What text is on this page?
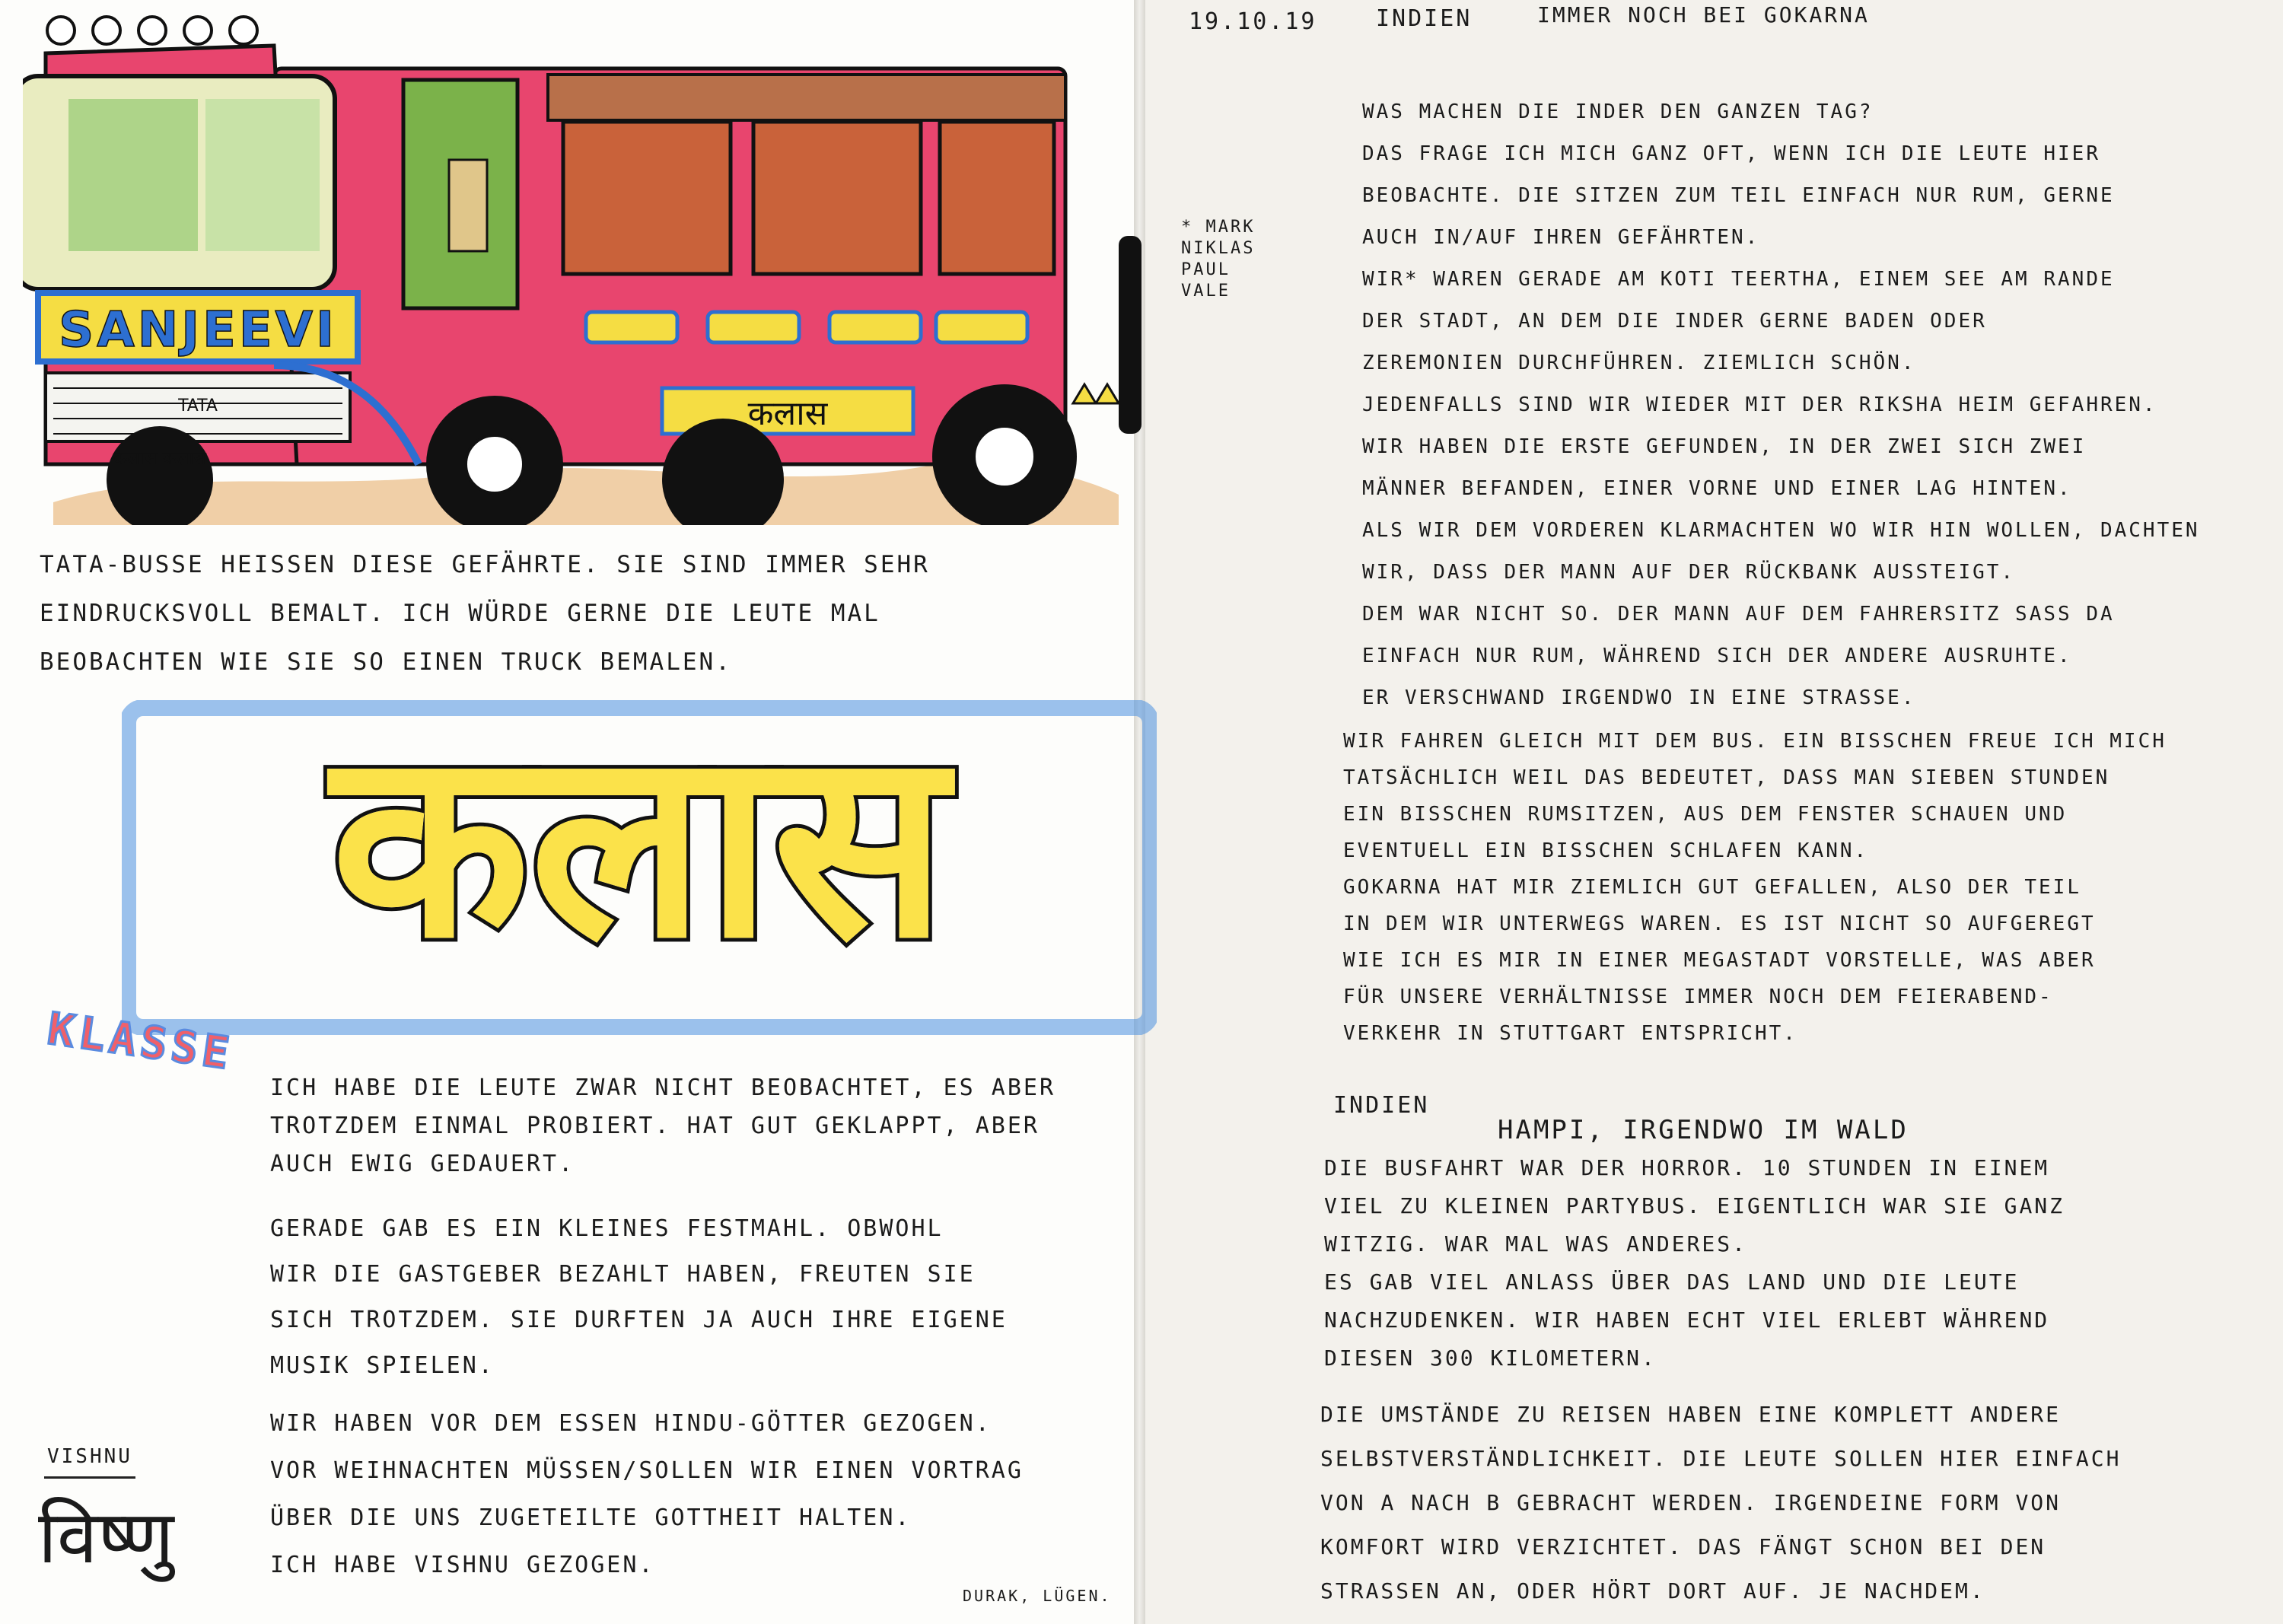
SANJEEVI
TATA	कलास
कलास कलास
TATA-BUSSE HEISSEN DIESE GEFÄHRTE. SIE SIND IMMER SEHR
EINDRUCKSVOLL BEMALT. ICH WÜRDE GERNE DIE LEUTE MAL
BEOBACHTEN WIE SIE SO EINEN TRUCK BEMALEN.
कलास
KLASSE
ICH HABE DIE LEUTE ZWAR NICHT BEOBACHTET, ES ABER
TROTZDEM EINMAL PROBIERT. HAT GUT GEKLAPPT, ABER
AUCH EWIG GEDAUERT.
GERADE GAB ES EIN KLEINES FESTMAHL. OBWOHL
WIR DIE GASTGEBER BEZAHLT HABEN, FREUTEN SIE
SICH TROTZDEM. SIE DURFTEN JA AUCH IHRE EIGENE
MUSIK SPIELEN.
WIR HABEN VOR DEM ESSEN HINDU-GÖTTER GEZOGEN.
VOR WEIHNACHTEN MÜSSEN/SOLLEN WIR EINEN VORTRAG
ÜBER DIE UNS ZUGETEILTE GOTTHEIT HALTEN.
ICH HABE VISHNU GEZOGEN.
VISHNU
विष्णु
DURAK, LÜGEN.
19.10.19	INDIEN	IMMER NOCH BEI GOKARNA
* MARK
NIKLAS
PAUL
VALE
WAS MACHEN DIE INDER DEN GANZEN TAG?
DAS FRAGE ICH MICH GANZ OFT, WENN ICH DIE LEUTE HIER
BEOBACHTE. DIE SITZEN ZUM TEIL EINFACH NUR RUM, GERNE
AUCH IN/AUF IHREN GEFÄHRTEN.
WIR* WAREN GERADE AM KOTI TEERTHA, EINEM SEE AM RANDE
DER STADT, AN DEM DIE INDER GERNE BADEN ODER
ZEREMONIEN DURCHFÜHREN. ZIEMLICH SCHÖN.
JEDENFALLS SIND WIR WIEDER MIT DER RIKSHA HEIM GEFAHREN.
WIR HABEN DIE ERSTE GEFUNDEN, IN DER ZWEI SICH ZWEI
MÄNNER BEFANDEN, EINER VORNE UND EINER LAG HINTEN.
ALS WIR DEM VORDEREN KLARMACHTEN WO WIR HIN WOLLEN, DACHTEN
WIR, DASS DER MANN AUF DER RÜCKBANK AUSSTEIGT.
DEM WAR NICHT SO. DER MANN AUF DEM FAHRERSITZ SASS DA
EINFACH NUR RUM, WÄHREND SICH DER ANDERE AUSRUHTE.
ER VERSCHWAND IRGENDWO IN EINE STRASSE.
WIR FAHREN GLEICH MIT DEM BUS. EIN BISSCHEN FREUE ICH MICH
TATSÄCHLICH WEIL DAS BEDEUTET, DASS MAN SIEBEN STUNDEN
EIN BISSCHEN RUMSITZEN, AUS DEM FENSTER SCHAUEN UND
EVENTUELL EIN BISSCHEN SCHLAFEN KANN.
GOKARNA HAT MIR ZIEMLICH GUT GEFALLEN, ALSO DER TEIL
IN DEM WIR UNTERWEGS WAREN. ES IST NICHT SO AUFGEREGT
WIE ICH ES MIR IN EINER MEGASTADT VORSTELLE, WAS ABER
FÜR UNSERE VERHÄLTNISSE IMMER NOCH DEM FEIERABEND-
VERKEHR IN STUTTGART ENTSPRICHT.
INDIEN
HAMPI, IRGENDWO IM WALD
DIE BUSFAHRT WAR DER HORROR. 10 STUNDEN IN EINEM
VIEL ZU KLEINEN PARTYBUS. EIGENTLICH WAR SIE GANZ
WITZIG. WAR MAL WAS ANDERES.
ES GAB VIEL ANLASS ÜBER DAS LAND UND DIE LEUTE
NACHZUDENKEN. WIR HABEN ECHT VIEL ERLEBT WÄHREND
DIESEN 300 KILOMETERN.
DIE UMSTÄNDE ZU REISEN HABEN EINE KOMPLETT ANDERE
SELBSTVERSTÄNDLICHKEIT. DIE LEUTE SOLLEN HIER EINFACH
VON A NACH B GEBRACHT WERDEN. IRGENDEINE FORM VON
KOMFORT WIRD VERZICHTET. DAS FÄNGT SCHON BEI DEN
STRASSEN AN, ODER HÖRT DORT AUF. JE NACHDEM.
